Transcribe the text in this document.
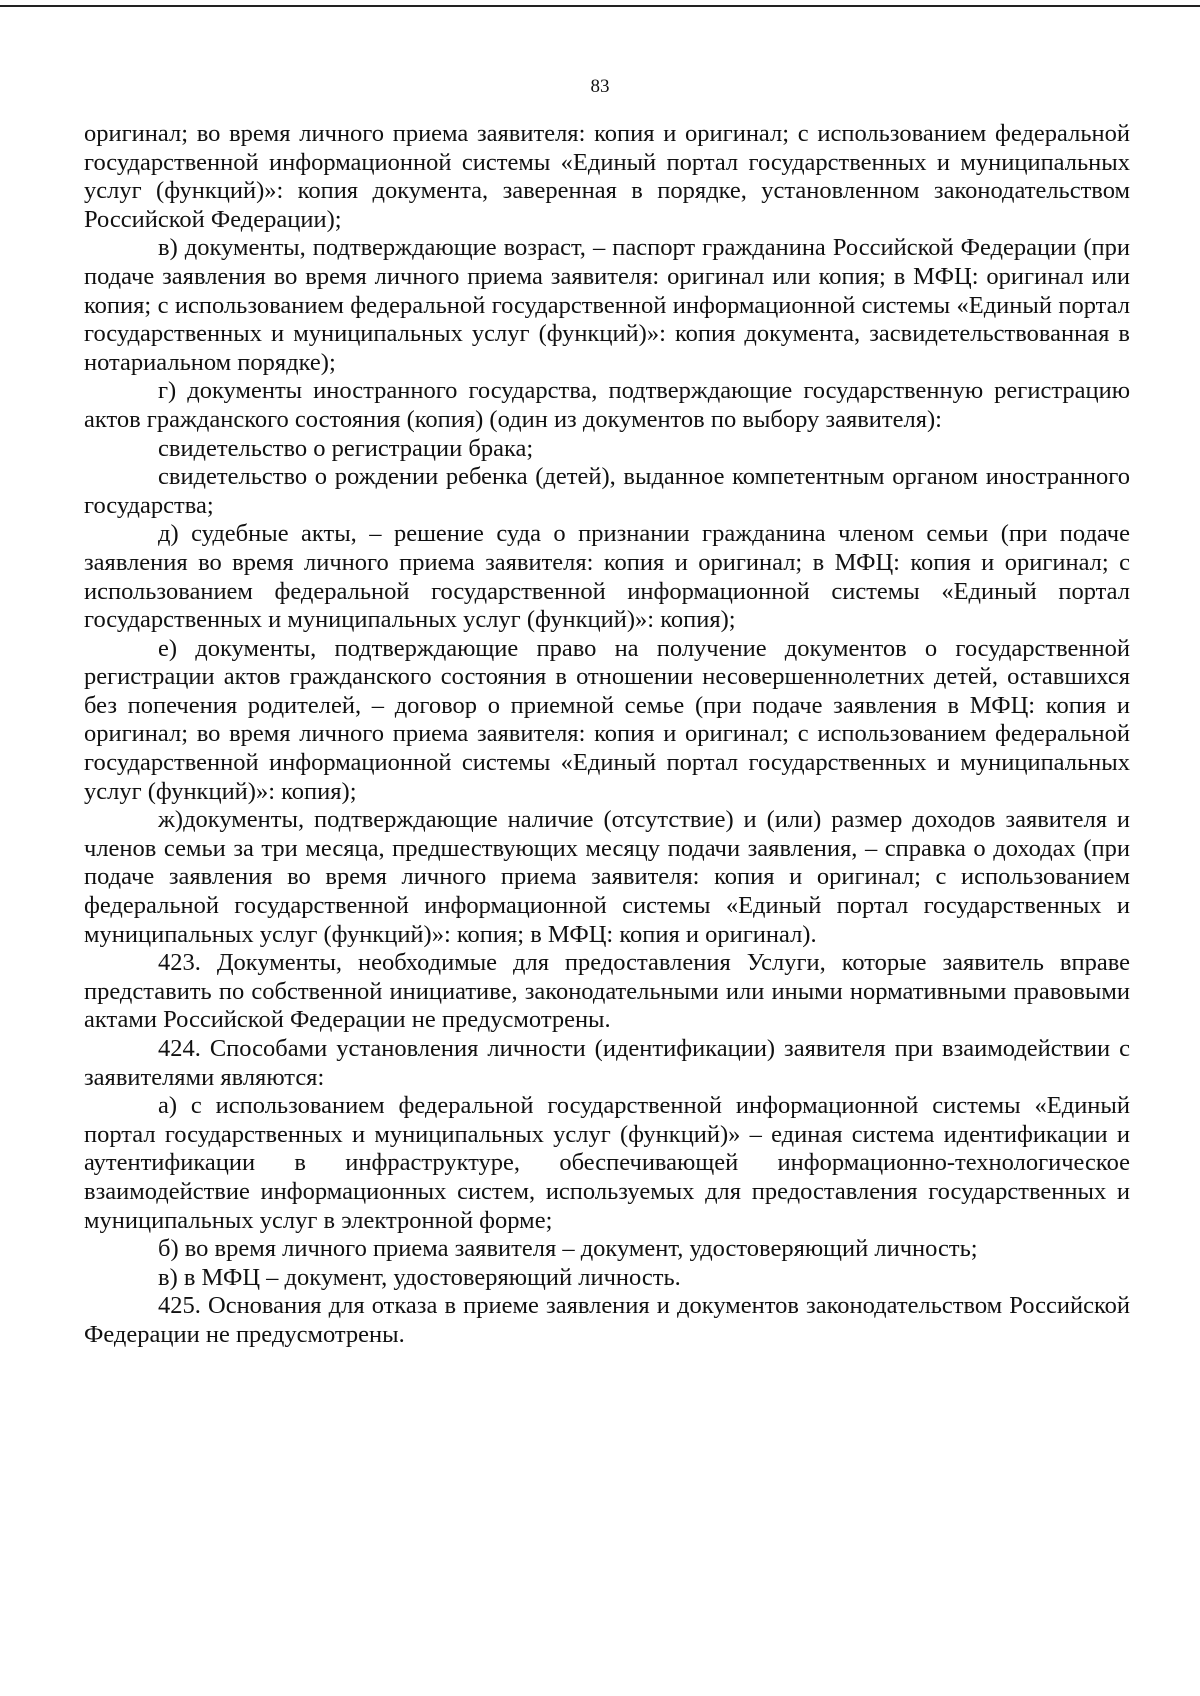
83

оригинал; во время личного приема заявителя: копия и оригинал; с использованием федеральной государственной информационной системы «Единый портал государственных и муниципальных услуг (функций)»: копия документа, заверенная в порядке, установленном законодательством Российской Федерации);

в) документы, подтверждающие возраст, – паспорт гражданина Российской Федерации (при подаче заявления во время личного приема заявителя: оригинал или копия; в МФЦ: оригинал или копия; с использованием федеральной государственной информационной системы «Единый портал государственных и муниципальных услуг (функций)»: копия документа, засвидетельствованная в нотариальном порядке);

г) документы иностранного государства, подтверждающие государственную регистрацию актов гражданского состояния (копия) (один из документов по выбору заявителя):

свидетельство о регистрации брака;

свидетельство о рождении ребенка (детей), выданное компетентным органом иностранного государства;

д) судебные акты, – решение суда о признании гражданина членом семьи (при подаче заявления во время личного приема заявителя: копия и оригинал; в МФЦ: копия и оригинал; с использованием федеральной государственной информационной системы «Единый портал государственных и муниципальных услуг (функций)»: копия);

е) документы, подтверждающие право на получение документов о государственной регистрации актов гражданского состояния в отношении несовершеннолетних детей, оставшихся без попечения родителей, – договор о приемной семье (при подаче заявления в МФЦ: копия и оригинал; во время личного приема заявителя: копия и оригинал; с использованием федеральной государственной информационной системы «Единый портал государственных и муниципальных услуг (функций)»: копия);

ж)документы, подтверждающие наличие (отсутствие) и (или) размер доходов заявителя и членов семьи за три месяца, предшествующих месяцу подачи заявления, – справка о доходах (при подаче заявления во время личного приема заявителя: копия и оригинал; с использованием федеральной государственной информационной системы «Единый портал государственных и муниципальных услуг (функций)»: копия; в МФЦ: копия и оригинал).

423. Документы, необходимые для предоставления Услуги, которые заявитель вправе представить по собственной инициативе, законодательными или иными нормативными правовыми актами Российской Федерации не предусмотрены.

424. Способами установления личности (идентификации) заявителя при взаимодействии с заявителями являются:

а) с использованием федеральной государственной информационной системы «Единый портал государственных и муниципальных услуг (функций)» – единая система идентификации и аутентификации в инфраструктуре, обеспечивающей информационно-технологическое взаимодействие информационных систем, используемых для предоставления государственных и муниципальных услуг в электронной форме;

б) во время личного приема заявителя – документ, удостоверяющий личность;

в) в МФЦ – документ, удостоверяющий личность.

425. Основания для отказа в приеме заявления и документов законодательством Российской Федерации не предусмотрены.
